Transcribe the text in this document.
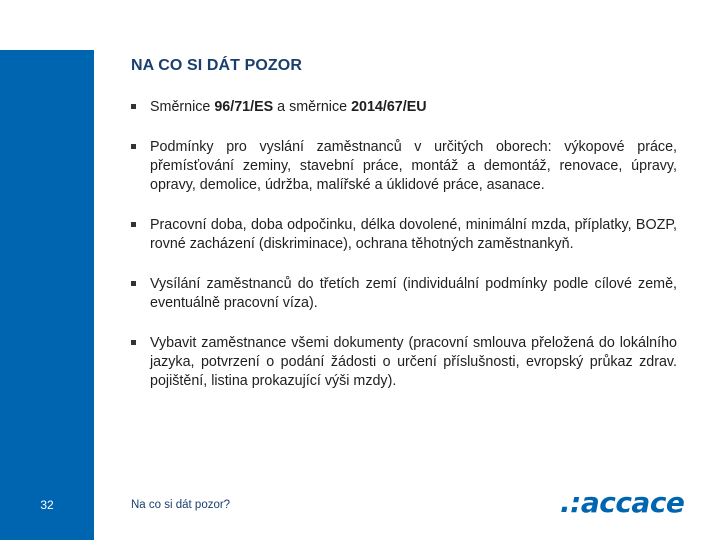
32
NA CO SI DÁT POZOR
Směrnice 96/71/ES a směrnice 2014/67/EU
Podmínky pro vyslání zaměstnanců v určitých oborech: výkopové práce, přemísťování zeminy, stavební práce, montáž a demontáž, renovace, úpravy, opravy, demolice, údržba, malířské a úklidové práce, asanace.
Pracovní doba, doba odpočinku, délka dovolené, minimální mzda, příplatky, BOZP, rovné zacházení (diskriminace), ochrana těhotných zaměstnankyň.
Vysílání zaměstnanců do třetích zemí (individuální podmínky podle cílové země, eventuálně pracovní víza).
Vybavit zaměstnance všemi dokumenty (pracovní smlouva přeložená do lokálního jazyka, potvrzení o podání žádosti o určení příslušnosti, evropský průkaz zdrav. pojištění, listina prokazující výši mzdy).
Na co si dát pozor?	.:accace
